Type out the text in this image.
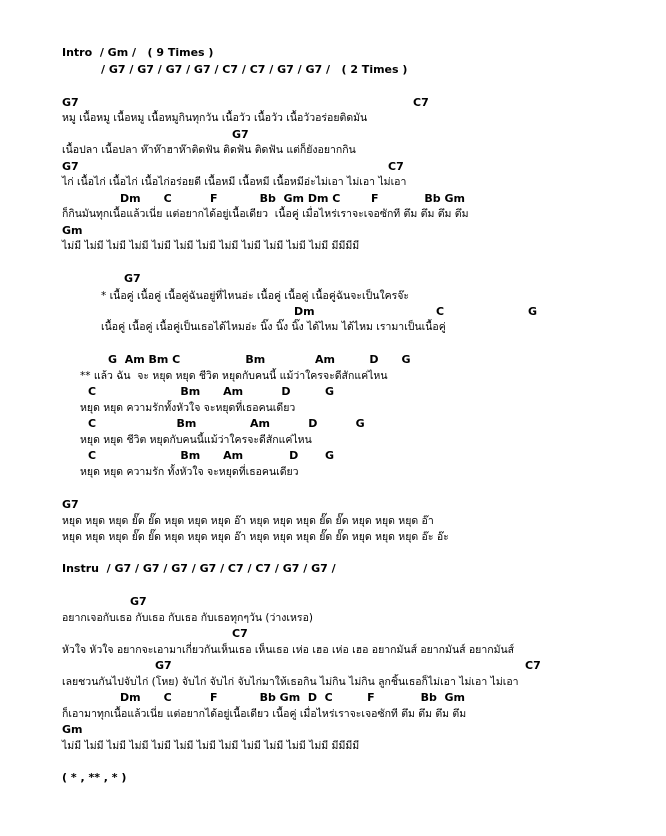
Intro  / Gm /   ( 9 Times )
/ G7 / G7 / G7 / G7 / C7 / C7 / G7 / G7 /   ( 2 Times )
G7	C7
หมู เนื้อหมู เนื้อหมู เนื้อหมูกินทุกวัน เนื้อวัว เนื้อวัว เนื้อวัวอร่อยติดมัน
G7
เนื้อปลา เนื้อปลา ห๊าห๊าฮาห๊าติดฟัน ติดฟัน ติดฟัน แต่ก็ยังอยากกิน
G7	C7
ไก่ เนื้อไก่ เนื้อไก่ เนื้อไก่อร่อยดี เนื้อหมี เนื้อหมี เนื้อหมีอ่ะไม่เอา ไม่เอา ไม่เอา
Dm      C          F           Bb  Gm Dm C        F            Bb Gm
ก็กินมันทุกเนื้อแล้วเนี่ย แต่อยากได้อยู่เนื้อเดียว  เนื้อคู่ เมื่อไหร่เราจะเจอซักที ตึม ตึม ตึม ตึม
Gm
ไม่มี ไม่มี ไม่มี ไม่มี ไม่มี ไม่มี ไม่มี ไม่มี ไม่มี ไม่มี ไม่มี ไม่มี มีมีมีมี
G7
* เนื้อคู่ เนื้อคู่ เนื้อคู่ฉันอยู่ที่ไหนอ่ะ เนื้อคู่ เนื้อคู่ เนื้อคู่ฉันจะเป็นใครจ๊ะ
Dm	C	G
เนื้อคู่ เนื้อคู่ เนื้อคู่เป็นเธอได้ไหมอ่ะ นิ๊ง นิ๊ง นิ๊ง ได้ไหม ได้ไหม เรามาเป็นเนื้อคู่
G  Am Bm C                 Bm             Am         D      G
** แล้ว ฉัน  จะ หยุด หยุด ชีวิต หยุดกับคนนี้ แม้ว่าใครจะดีสักแค่ไหน
C                      Bm      Am          D         G
หยุด หยุด ความรักทั้งหัวใจ จะหยุดที่เธอคนเดียว
C                     Bm              Am          D          G
หยุด หยุด ชีวิต หยุดกับคนนี้แม้ว่าใครจะดีสักแค่ไหน
C                      Bm      Am            D       G
หยุด หยุด ความรัก ทั้งหัวใจ จะหยุดที่เธอคนเดียว
G7
หยุด หยุด หยุด ยั๊ด ยั๊ด หยุด หยุด หยุด อ๊า หยุด หยุด หยุด ยั๊ด ยั๊ด หยุด หยุด หยุด อ๊า
หยุด หยุด หยุด ยั๊ด ยั๊ด หยุด หยุด หยุด อ๊า หยุด หยุด หยุด ยั๊ด ยั๊ด หยุด หยุด หยุด อ๊ะ อ๊ะ
Instru  / G7 / G7 / G7 / G7 / C7 / C7 / G7 / G7 /
G7
อยากเจอกับเธอ กับเธอ กับเธอ กับเธอทุกๆวัน (ว่างเหรอ)
C7
หัวใจ หัวใจ อยากจะเอามาเกี่ยวกันเห็นเธอ เห็นเธอ เห่อ เฮอ เห่อ เฮอ อยากมันส์ อยากมันส์ อยากมันส์
G7	C7
เลยชวนกันไปจับไก่ (โหย) จับไก่ จับไก่ จับไก่มาให้เธอกิน ไม่กิน ไม่กิน ลูกชิ้นเธอก็ไม่เอา ไม่เอา ไม่เอา
Dm      C          F           Bb Gm  D  C         F            Bb  Gm
ก็เอามาทุกเนื้อแล้วเนี่ย แต่อยากได้อยู่เนื้อเดียว เนื้อคู่ เมื่อไหร่เราจะเจอซักที ตึม ตึม ตึม ตึม
Gm
ไม่มี ไม่มี ไม่มี ไม่มี ไม่มี ไม่มี ไม่มี ไม่มี ไม่มี ไม่มี ไม่มี ไม่มี มีมีมีมี
( * , ** , * )
